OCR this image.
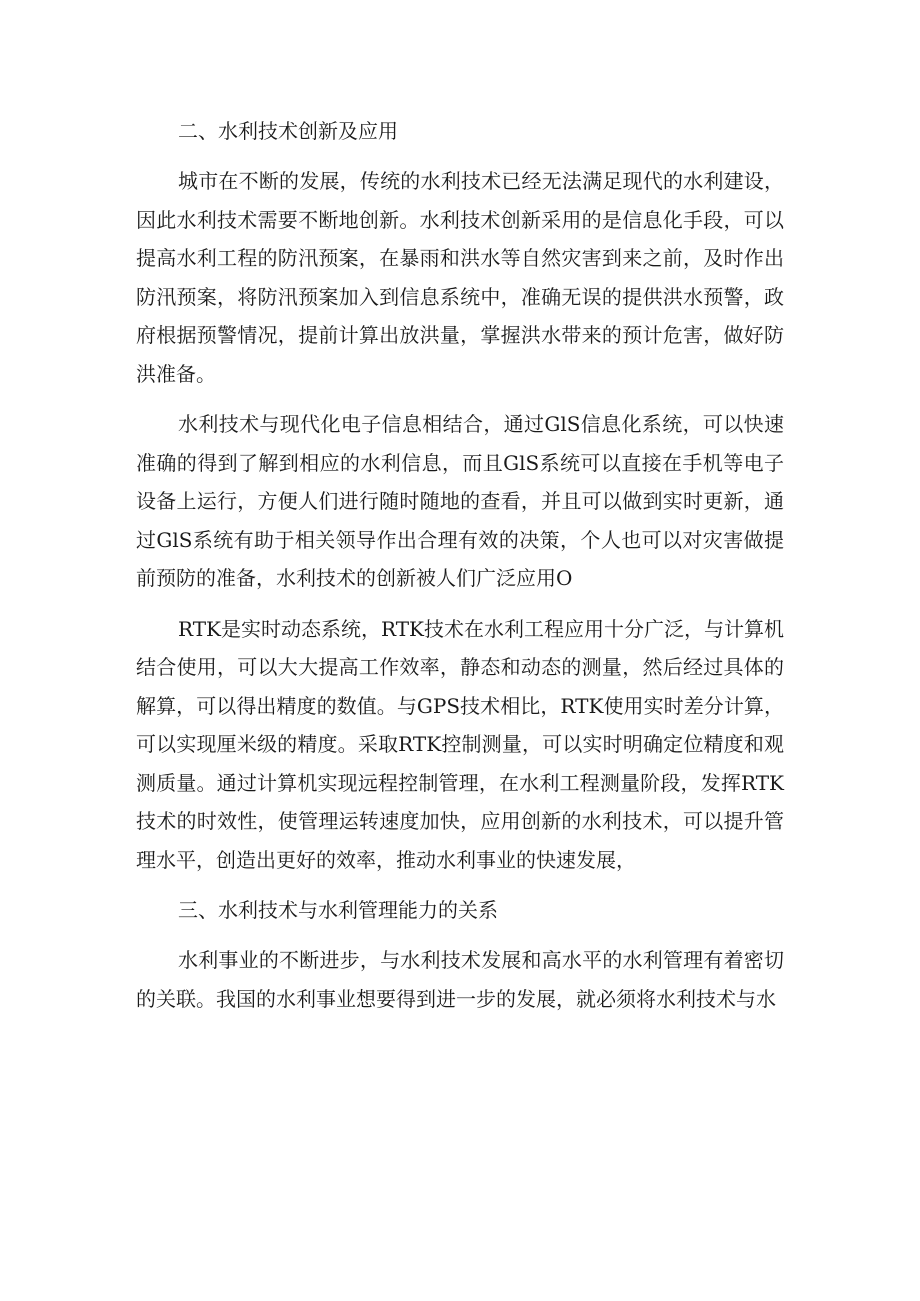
二、水利技术创新及应用

城市在不断的发展，传统的水利技术已经无法满足现代的水利建设，因此水利技术需要不断地创新。水利技术创新采用的是信息化手段，可以提高水利工程的防汛预案，在暴雨和洪水等自然灾害到来之前，及时作出防汛预案，将防汛预案加入到信息系统中，准确无误的提供洪水预警，政府根据预警情况，提前计算出放洪量，掌握洪水带来的预计危害，做好防洪准备。

水利技术与现代化电子信息相结合，通过GlS信息化系统，可以快速准确的得到了解到相应的水利信息，而且GlS系统可以直接在手机等电子设备上运行，方便人们进行随时随地的查看，并且可以做到实时更新，通过GlS系统有助于相关领导作出合理有效的决策，个人也可以对灾害做提前预防的准备，水利技术的创新被人们广泛应用O

RTK是实时动态系统，RTK技术在水利工程应用十分广泛，与计算机结合使用，可以大大提高工作效率，静态和动态的测量，然后经过具体的解算，可以得出精度的数值。与GPS技术相比，RTK使用实时差分计算，可以实现厘米级的精度。采取RTK控制测量，可以实时明确定位精度和观测质量。通过计算机实现远程控制管理，在水利工程测量阶段，发挥RTK技术的时效性，使管理运转速度加快，应用创新的水利技术，可以提升管理水平，创造出更好的效率，推动水利事业的快速发展，

三、水利技术与水利管理能力的关系

水利事业的不断进步，与水利技术发展和高水平的水利管理有着密切的关联。我国的水利事业想要得到进一步的发展，就必须将水利技术与水
